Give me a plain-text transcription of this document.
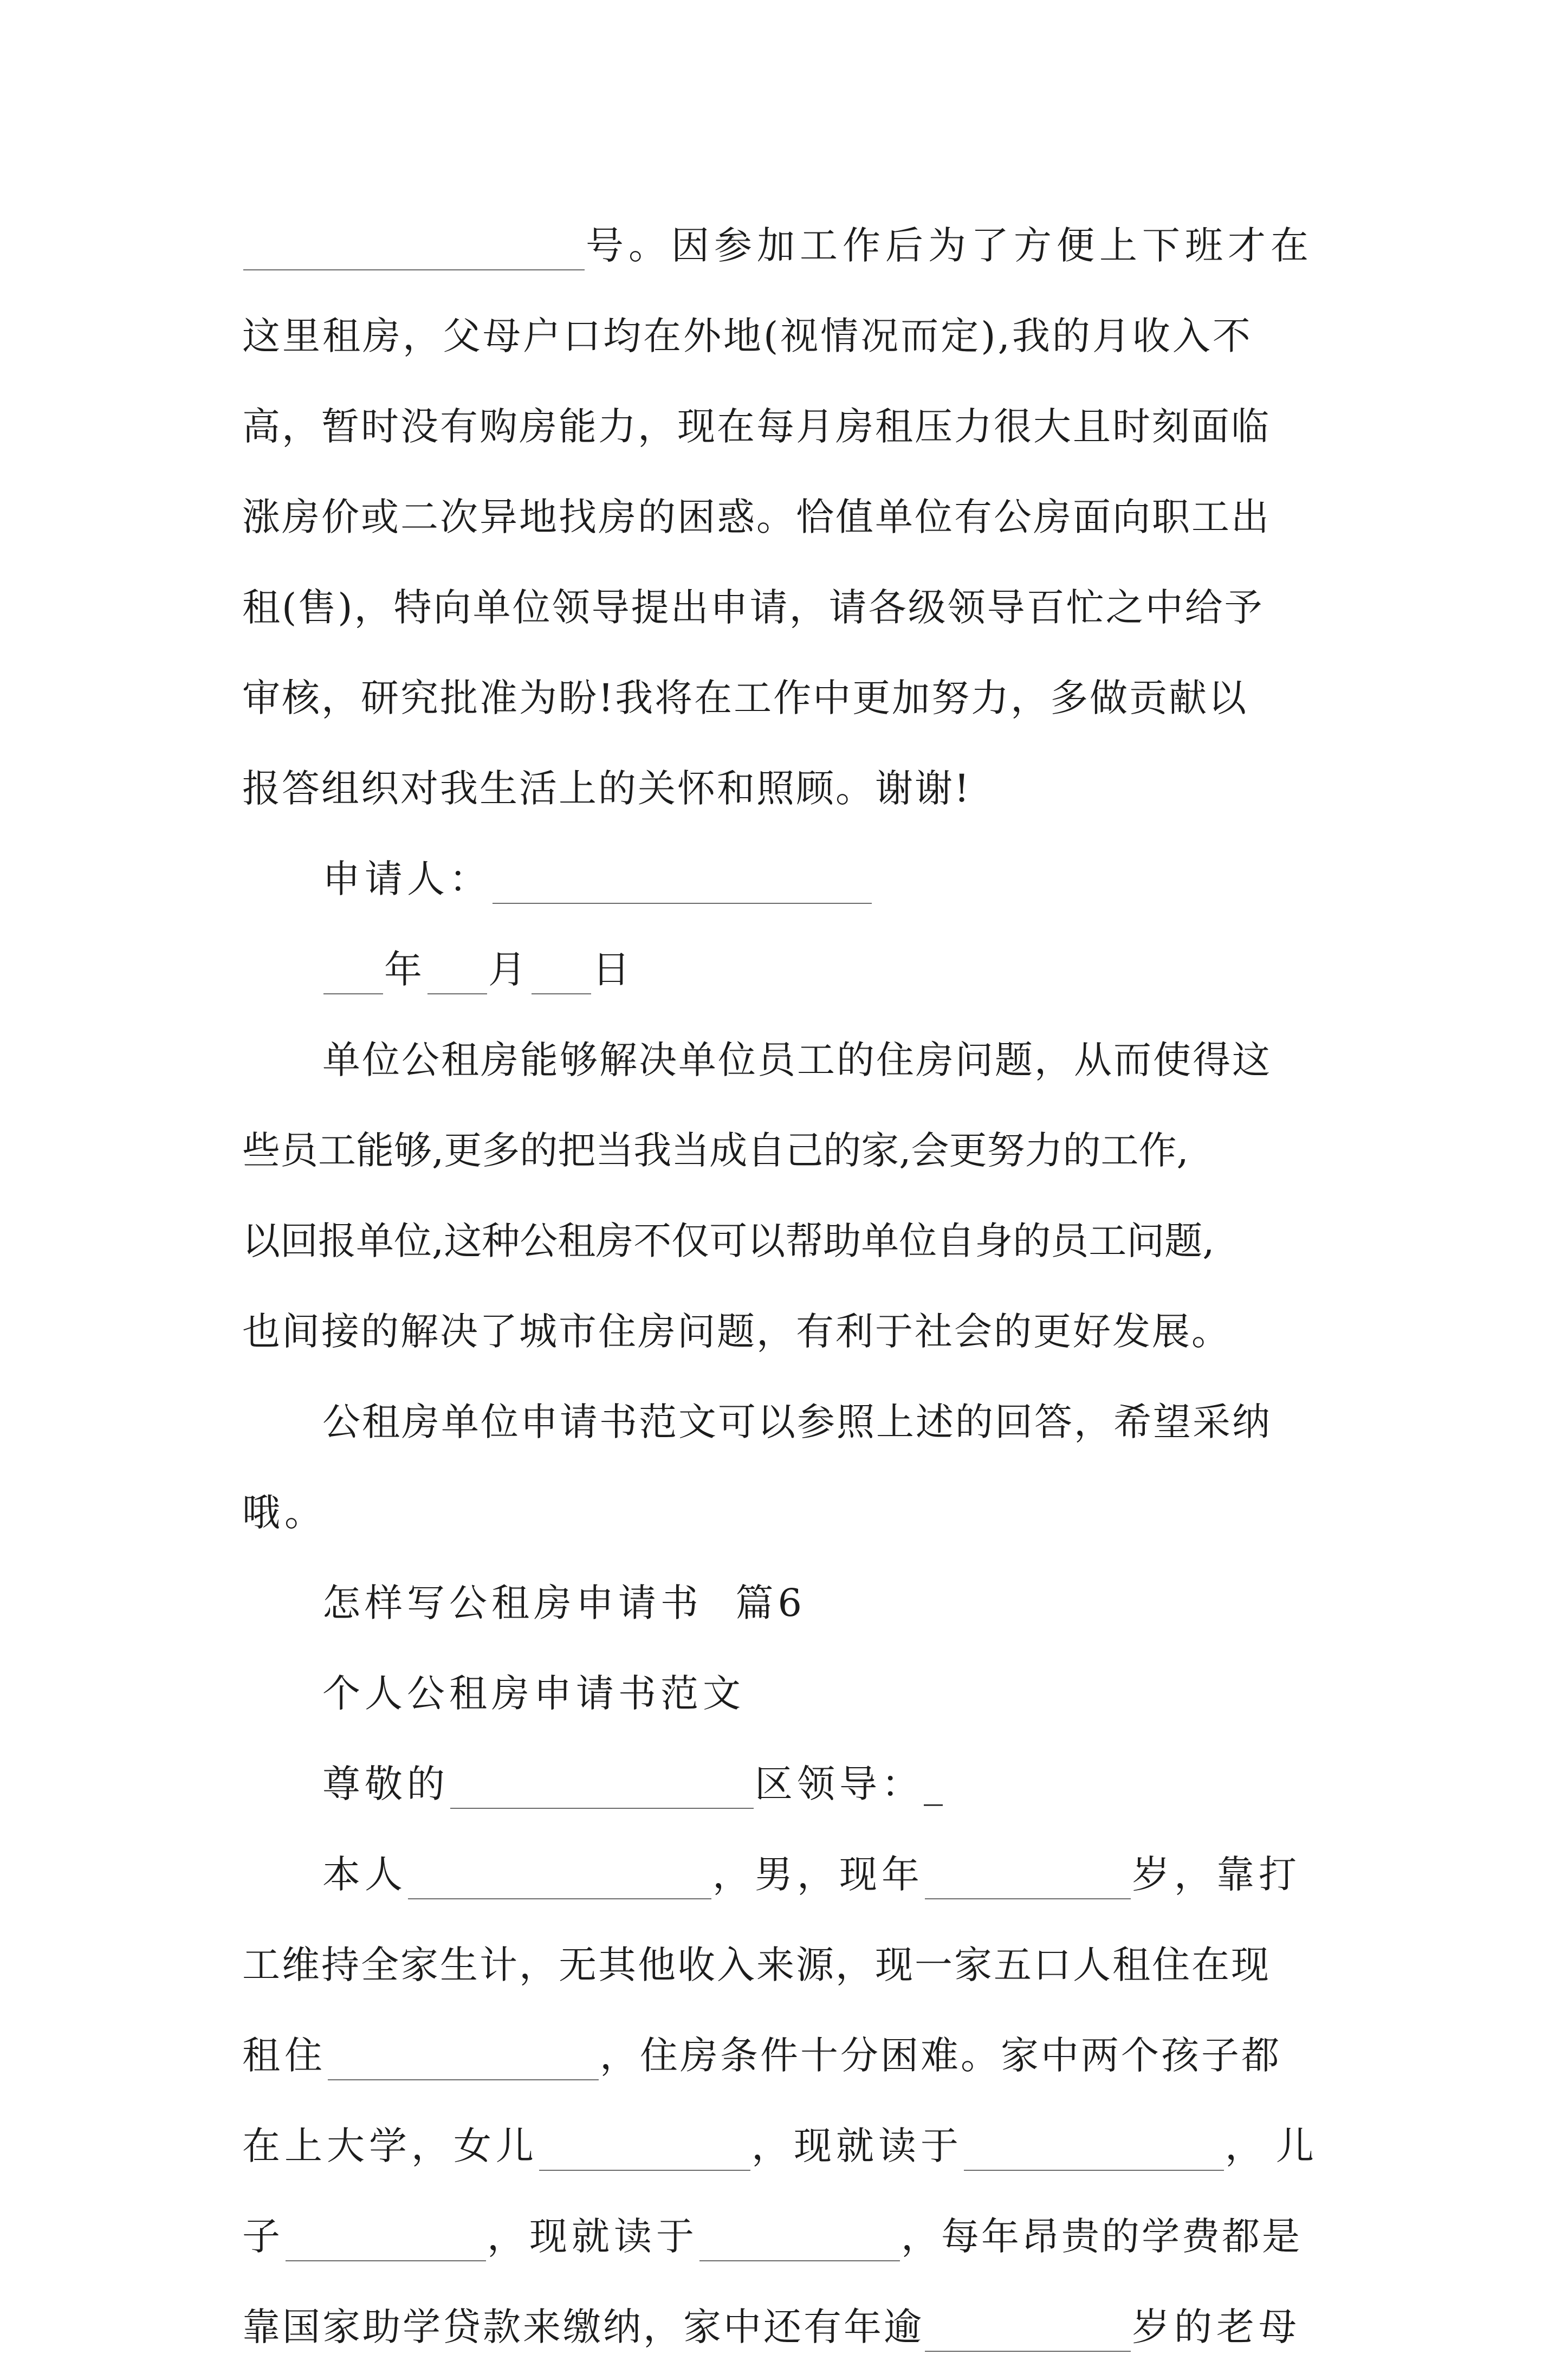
号。因参加工作后为了方便上下班才在
这里租房，父母户口均在外地(视情况而定),我的月收入不
高，暂时没有购房能力，现在每月房租压力很大且时刻面临
涨房价或二次异地找房的困惑。恰值单位有公房面向职工出
租(售)，特向单位领导提出申请，请各级领导百忙之中给予
审核，研究批准为盼!我将在工作中更加努力，多做贡献以
报答组织对我生活上的关怀和照顾。谢谢!
申请人：
年 月 日
单位公租房能够解决单位员工的住房问题，从而使得这
些员工能够,更多的把当我当成自己的家,会更努力的工作,
以回报单位,这种公租房不仅可以帮助单位自身的员工问题,
也间接的解决了城市住房问题，有利于社会的更好发展。
公租房单位申请书范文可以参照上述的回答，希望采纳
哦。
怎样写公租房申请书  篇6
个人公租房申请书范文
尊敬的	区领导：_
本人	，男，现年	岁，靠打
工维持全家生计，无其他收入来源，现一家五口人租住在现
租住	，住房条件十分困难。家中两个孩子都
在上大学，女儿	，现就读于	，儿
子	，现就读于	，每年昂贵的学费都是
靠国家助学贷款来缴纳，家中还有年逾	岁的老母
